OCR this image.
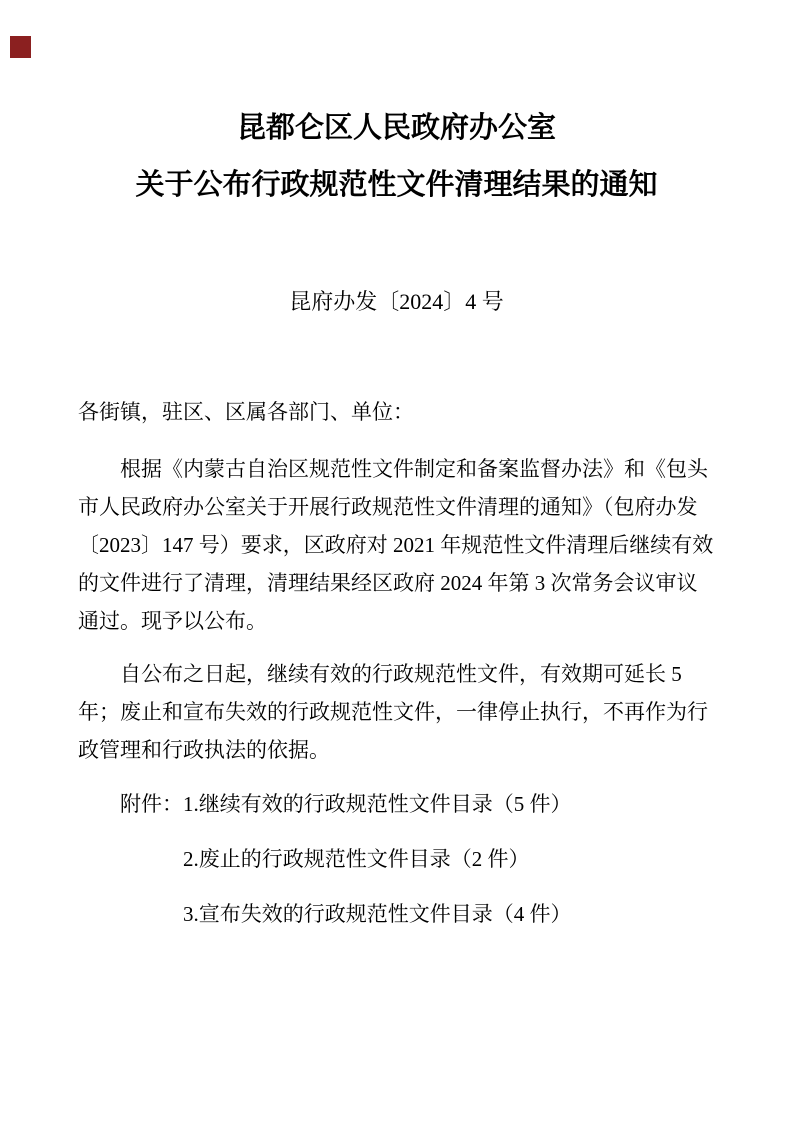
昆都仑区人民政府办公室
关于公布行政规范性文件清理结果的通知
昆府办发〔2024〕4 号
各街镇，驻区、区属各部门、单位：
根据《内蒙古自治区规范性文件制定和备案监督办法》和《包头
市人民政府办公室关于开展行政规范性文件清理的通知》（包府办发
〔2023〕147 号）要求，区政府对 2021 年规范性文件清理后继续有效
的文件进行了清理，清理结果经区政府 2024 年第 3 次常务会议审议
通过。现予以公布。
自公布之日起，继续有效的行政规范性文件，有效期可延长 5
年；废止和宣布失效的行政规范性文件，一律停止执行，不再作为行
政管理和行政执法的依据。
附件：1.继续有效的行政规范性文件目录（5 件）
2.废止的行政规范性文件目录（2 件）
3.宣布失效的行政规范性文件目录（4 件）
